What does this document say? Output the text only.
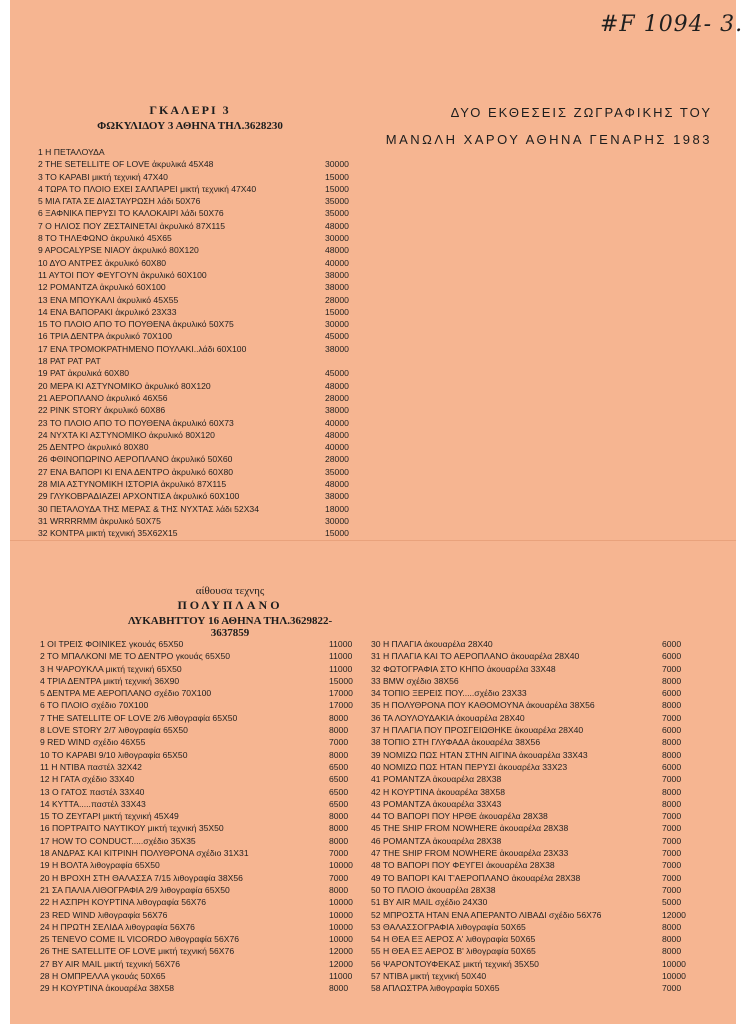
#F 1094- 3.
ΓΚΑΛΕΡΙ 3
ΦΩΚΥΛΙΔΟΥ 3 ΑΘΗΝΑ ΤΗΛ.3628230
ΔΥΟ ΕΚΘΕΣΕΙΣ ΖΩΓΡΑΦΙΚΗΣ ΤΟΥ
ΜΑΝΩΛΗ ΧΑΡΟΥ ΑΘΗΝΑ ΓΕΝΑΡΗΣ 1983
1 Η ΠΕΤΑΛΟΥΔΑ
2 THE SETELLITE OF LOVE ἀκρυλικά 45Χ48	30000
3 ΤΟ ΚΑΡΑΒΙ μικτή τεχνική 47Χ40	15000
4 ΤΩΡΑ ΤΟ ΠΛΟΙΟ ΕΧΕΙ ΣΑΛΠΑΡΕΙ μικτή τεχνική 47Χ40	15000
5 ΜΙΑ ΓΑΤΑ ΣΕ ΔΙΑΣΤΑΥΡΩΣΗ λάδι 50Χ76	35000
6 ΞΑΦΝΙΚΑ ΠΕΡΥΣΙ ΤΟ ΚΑΛΟΚΑΙΡΙ λάδι 50Χ76	35000
7 Ο ΗΛΙΟΣ ΠΟΥ ΖΕΣΤΑΙΝΕΤΑΙ ἀκρυλικό 87Χ115	48000
8 ΤΟ ΤΗΛΕΦΩΝΟ ἀκρυλικό 45Χ65	30000
9 APOCALYPSE ΝΙΑΟΥ ἀκρυλικό 80Χ120	48000
10 ΔΥΟ ΑΝΤΡΕΣ ἀκρυλικό 60Χ80	40000
11 ΑΥΤΟΙ ΠΟΥ ΦΕΥΓΟΥΝ ἀκρυλικό 60Χ100	38000
12 ΡΟΜΑΝΤΖΑ ἀκρυλικό 60Χ100	38000
13 ΕΝΑ ΜΠΟΥΚΑΛΙ ἀκρυλικό 45Χ55	28000
14 ΕΝΑ ΒΑΠΟΡΑΚΙ ἀκρυλικό 23Χ33	15000
15 ΤΟ ΠΛΟΙΟ ΑΠΟ ΤΟ ΠΟΥΘΕΝΑ ἀκρυλικό 50Χ75	30000
16 ΤΡΙΑ ΔΕΝΤΡΑ ἀκρυλικό 70Χ100	45000
17 ΕΝΑ ΤΡΟΜΟΚΡΑΤΗΜΕΝΟ ΠΟΥΛΑΚΙ..λάδι 60Χ100	38000
18 ΡΑΤ ΡΑΤ ΡΑΤ
19 ΡΑΤ ἀκρυλικά 60Χ80	45000
20 ΜΕΡΑ ΚΙ ΑΣΤΥΝΟΜΙΚΟ ἀκρυλικό 80Χ120	48000
21 ΑΕΡΟΠΛΑΝΟ ἀκρυλικό 46Χ56	28000
22 PINK STORY ἀκρυλικό 60Χ86	38000
23 ΤΟ ΠΛΟΙΟ ΑΠΟ ΤΟ ΠΟΥΘΕΝΑ ἀκρυλικό 60Χ73	40000
24 ΝΥΧΤΑ ΚΙ ΑΣΤΥΝΟΜΙΚΟ ἀκρυλικό 80Χ120	48000
25 ΔΕΝΤΡΟ ἀκρυλικό 80Χ80	40000
26 ΦΘΙΝΟΠΩΡΙΝΟ ΑΕΡΟΠΛΑΝΟ ἀκρυλικό 50Χ60	28000
27 ΕΝΑ ΒΑΠΟΡΙ ΚΙ ΕΝΑ ΔΕΝΤΡΟ ἀκρυλικό 60Χ80	35000
28 ΜΙΑ ΑΣΤΥΝΟΜΙΚΗ ΙΣΤΟΡΙΑ ἀκρυλικό 87Χ115	48000
29 ΓΛΥΚΟΒΡΑΔΙΑΖΕΙ ΑΡΧΟΝΤΙΣΑ ἀκρυλικό 60Χ100	38000
30 ΠΕΤΑΛΟΥΔΑ ΤΗΣ ΜΕΡΑΣ & ΤΗΣ ΝΥΧΤΑΣ λάδι 52Χ34	18000
31 WRRRRMM ἀκρυλικό 50Χ75	30000
32 ΚΟΝΤΡΑ μικτή τεχνική 35Χ62Χ15	15000
αίθουσα τεχνης
ΠΟΛΥΠΛΑΝΟ
ΛΥΚΑΒΗΤΤΟΥ 16 ΑΘΗΝΑ ΤΗΛ.3629822-3637859
1 ΟΙ ΤΡΕΙΣ ΦΟΙΝΙΚΕΣ γκουάς 65Χ50	11000
2 ΤΟ ΜΠΑΛΚΟΝΙ ΜΕ ΤΟ ΔΕΝΤΡΟ γκουάς 65Χ50	11000
3 Η ΨΑΡΟΥΚΛΑ μικτή τεχνική 65Χ50	11000
4 ΤΡΙΑ ΔΕΝΤΡΑ μικτή τεχνική 36Χ90	15000
5 ΔΕΝΤΡΑ ΜΕ ΑΕΡΟΠΛΑΝΟ σχέδιο 70Χ100	17000
6 ΤΟ ΠΛΟΙΟ σχέδιο 70Χ100	17000
7 THE SATELLITE OF LOVE 2/6 λιθογραφία 65Χ50	8000
8 LOVE STORY 2/7 λιθογραφία 65Χ50	8000
9 RED WIND σχέδιο 46Χ55	7000
10 ΤΟ ΚΑΡΑΒΙ 9/10 λιθογραφία 65Χ50	8000
11 Η ΝΤΙΒΑ παστέλ 32Χ42	6500
12 Η ΓΑΤΑ σχέδιο 33Χ40	6500
13 Ο ΓΑΤΟΣ παστέλ 33Χ40	6500
14 ΚΥΤΤΑ.....παστέλ 33Χ43	6500
15 ΤΟ ΖΕΥΓΑΡΙ μικτή τεχνική 45Χ49	8000
16 ΠΟΡΤΡΑΙΤΟ ΝΑΥΤΙΚΟΥ μικτή τεχνική 35Χ50	8000
17 HOW TO CONDUCT.....σχέδιο 35Χ35	8000
18 ΑΝΔΡΑΣ ΚΑΙ ΚΙΤΡΙΝΗ ΠΟΛΥΘΡΟΝΑ σχέδιο 31Χ31	7000
19 Η ΒΟΛΤΑ λιθογραφία 65Χ50	10000
20 Η ΒΡΟΧΗ ΣΤΗ ΘΑΛΑΣΣΑ 7/15 λιθογραφία 38Χ56	7000
21 ΣΑ ΠΑΛΙΑ ΛΙΘΟΓΡΑΦΙΑ 2/9 λιθογραφία 65Χ50	8000
22 Η ΑΣΠΡΗ ΚΟΥΡΤΙΝΑ λιθογραφία 56Χ76	10000
23 RED WIND λιθογραφία 56Χ76	10000
24 Η ΠΡΩΤΗ ΣΕΛΙΔΑ λιθογραφία 56Χ76	10000
25 TENEVO COME IL VICORDO λιθογραφία 56Χ76	10000
26 THE SATELLITE OF LOVE μικτή τεχνική 56Χ76	12000
27 BY AIR MAIL μικτή τεχνική 56Χ76	12000
28 Η ΟΜΠΡΕΛΛΑ γκουάς 50Χ65	11000
29 Η ΚΟΥΡΤΙΝΑ ἀκουαρέλα 38Χ58	8000
30 Η ΠΛΑΓΙΑ ἀκουαρέλα 28Χ40	6000
31 Η ΠΛΑΓΙΑ ΚΑΙ ΤΟ ΑΕΡΟΠΛΑΝΟ ἀκουαρέλα 28Χ40	6000
32 ΦΩΤΟΓΡΑΦΙΑ ΣΤΟ ΚΗΠΟ ἀκουαρέλα 33Χ48	7000
33 BMW σχέδιο 38Χ56	8000
34 ΤΟΠΙΟ ΞΕΡΕΙΣ ΠΟΥ.....σχέδιο 23Χ33	6000
35 Η ΠΟΛΥΘΡΟΝΑ ΠΟΥ ΚΑΘΟΜΟΥΝΑ ἀκουαρέλα 38Χ56	8000
36 ΤΑ ΛΟΥΛΟΥΔΑΚΙΑ ἀκουαρέλα 28Χ40	7000
37 Η ΠΛΑΓΙΑ ΠΟΥ ΠΡΟΣΓΕΙΩΘΗΚΕ ἀκουαρέλα 28Χ40	6000
38 ΤΟΠΙΟ ΣΤΗ ΓΛΥΦΑΔΑ ἀκουαρέλα 38Χ56	8000
39 ΝΟΜΙΖΩ ΠΩΣ ΗΤΑΝ ΣΤΗΝ ΑΙΓΙΝΑ ἀκουαρέλα 33Χ43	8000
40 ΝΟΜΙΖΩ ΠΩΣ ΗΤΑΝ ΠΕΡΥΣΙ ἀκουαρέλα 33Χ23	6000
41 ΡΟΜΑΝΤΖΑ ἀκουαρέλα 28Χ38	7000
42 Η ΚΟΥΡΤΙΝΑ ἀκουαρέλα 38Χ58	8000
43 ΡΟΜΑΝΤΖΑ ἀκουαρέλα 33Χ43	8000
44 ΤΟ ΒΑΠΟΡΙ ΠΟΥ ΗΡΘΕ ἀκουαρέλα 28Χ38	7000
45 THE SHIP FROM NOWHERE ἀκουαρέλα 28Χ38	7000
46 ΡΟΜΑΝΤΖΑ ἀκουαρέλα 28Χ38	7000
47 THE SHIP FROM NOWHERE ἀκουαρέλα 23Χ33	7000
48 ΤΟ ΒΑΠΟΡΙ ΠΟΥ ΦΕΥΓΕΙ ἀκουαρέλα 28Χ38	7000
49 ΤΟ ΒΑΠΟΡΙ ΚΑΙ Τ'ΑΕΡΟΠΛΑΝΟ ἀκουαρέλα 28Χ38	7000
50 ΤΟ ΠΛΟΙΟ ἀκουαρέλα 28Χ38	7000
51 BY AIR MAIL σχέδιο 24Χ30	5000
52 ΜΠΡΟΣΤΑ ΗΤΑΝ ΕΝΑ ΑΠΕΡΑΝΤΟ ΛΙΒΑΔΙ σχέδιο 56Χ76	12000
53 ΘΑΛΑΣΣΟΓΡΑΦΙΑ λιθογραφία 50Χ65	8000
54 Η ΘΕΑ ΕΞ ΑΕΡΟΣ Α' λιθογραφία 50Χ65	8000
55 Η ΘΕΑ ΕΞ ΑΕΡΟΣ Β' λιθογραφία 50Χ65	8000
56 ΨΑΡΟΝΤΟΥΦΕΚΑΣ μικτή τεχνική 35Χ50	10000
57 ΝΤΙΒΑ μικτή τεχνική 50Χ40	10000
58 ΑΠΛΩΣΤΡΑ λιθογραφία 50Χ65	7000
